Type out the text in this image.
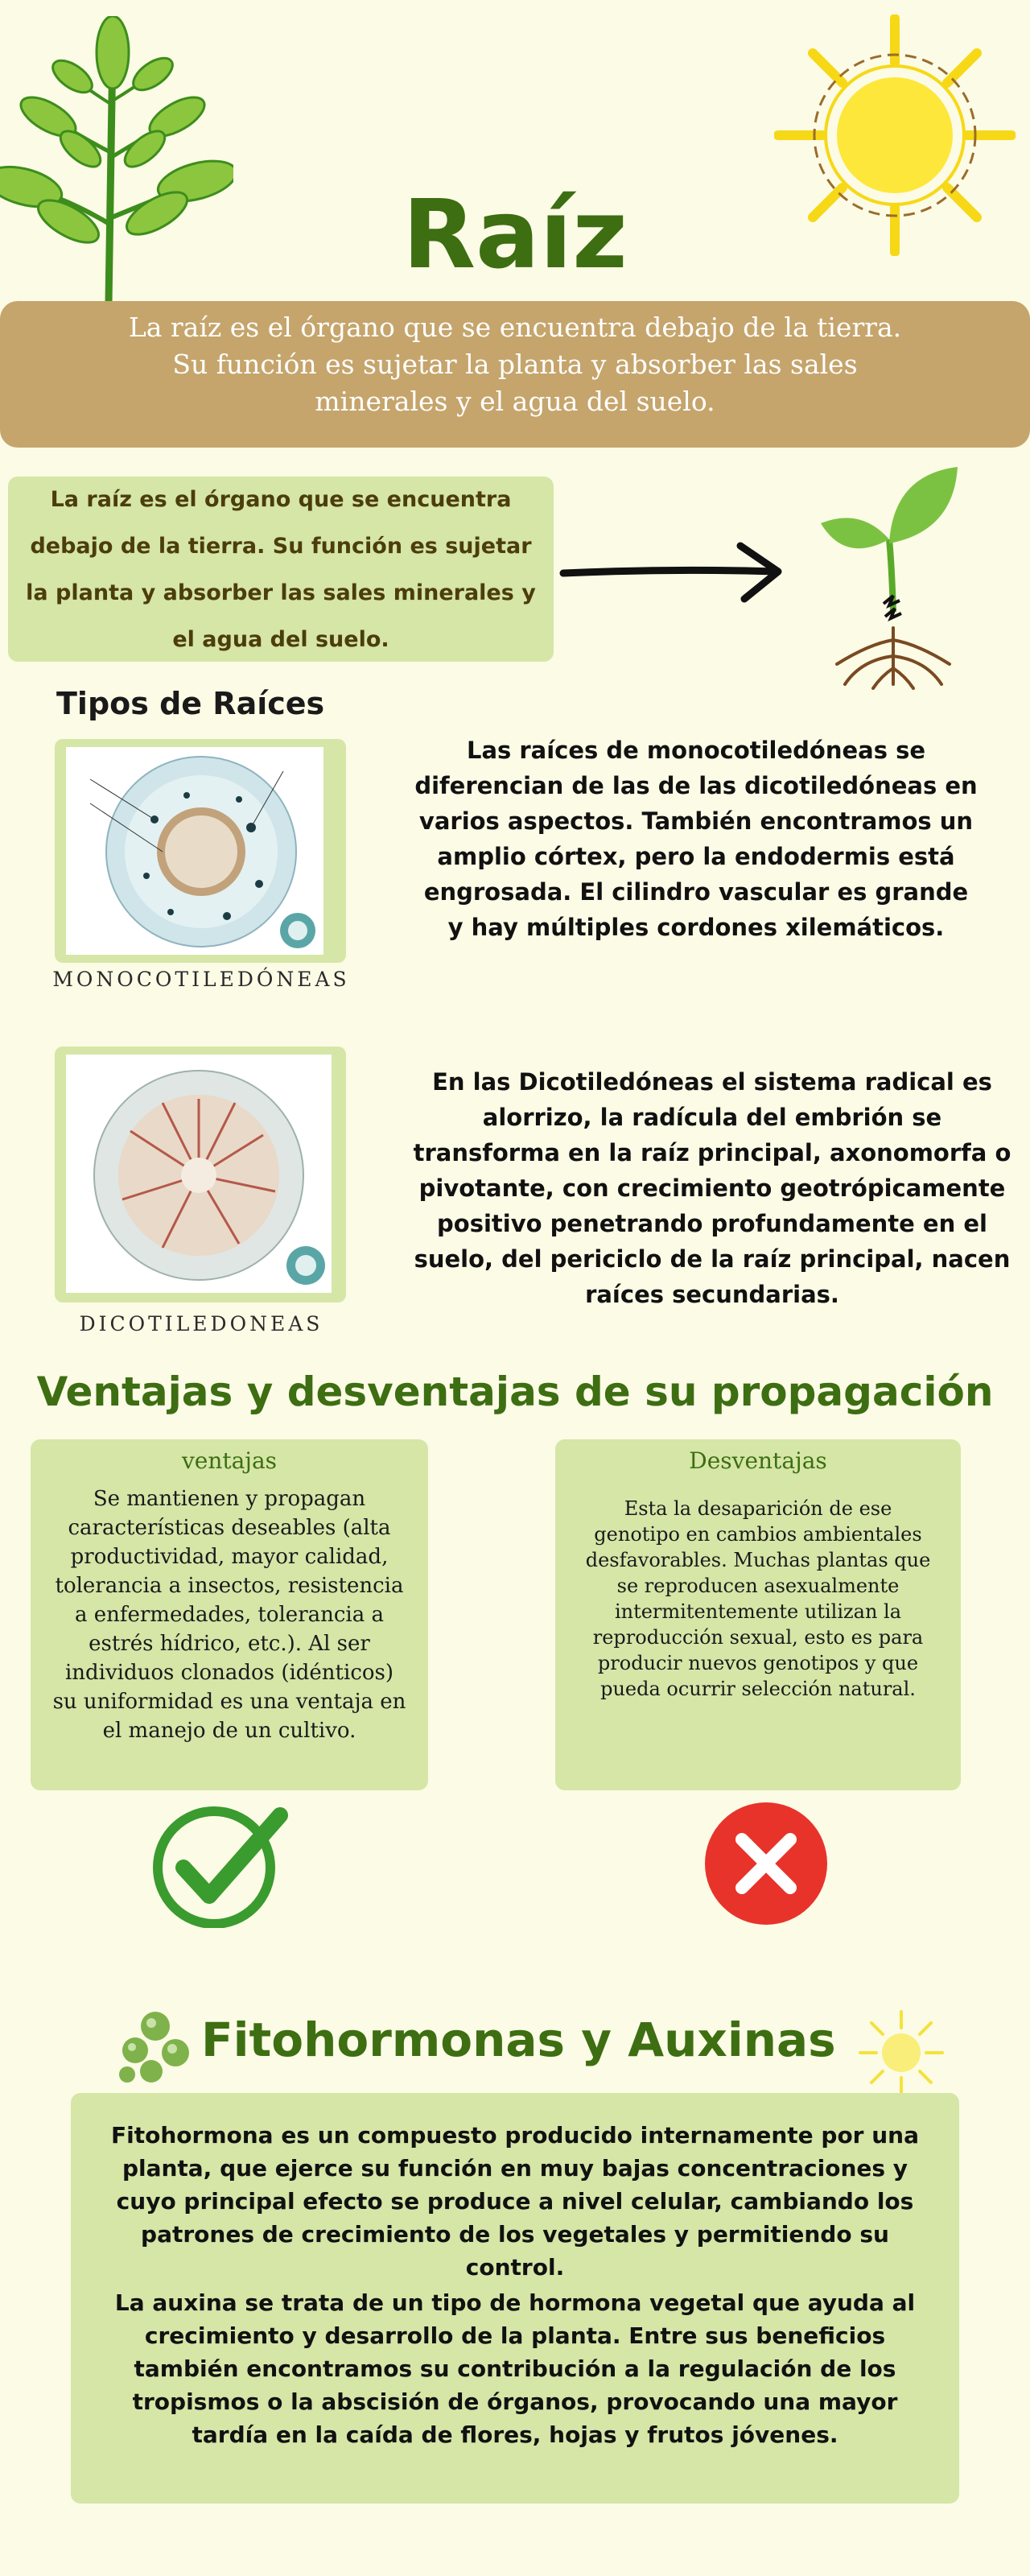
Raíz

La raíz es el órgano que se encuentra debajo de la tierra. Su función es sujetar la planta y absorber las sales minerales y el agua del suelo.

La raíz es el órgano que se encuentra debajo de la tierra. Su función es sujetar la planta y absorber las sales minerales y el agua del suelo.

Tipos de Raíces
MONOCOTILEDÓNEAS

Las raíces de monocotiledóneas se diferencian de las de las dicotiledóneas en varios aspectos. También encontramos un amplio córtex, pero la endodermis está engrosada. El cilindro vascular es grande y hay múltiples cordones xilemáticos.

DICOTILEDONEAS

En las Dicotiledóneas el sistema radical es alorrizo, la radícula del embrión se transforma en la raíz principal, axonomorfa o pivotante, con crecimiento geotrópicamente positivo penetrando profundamente en el suelo, del periciclo de la raíz principal, nacen raíces secundarias.

Ventajas y desventajas de su propagación
ventajas

Se mantienen y propagan características deseables (alta productividad, mayor calidad, tolerancia a insectos, resistencia a enfermedades, tolerancia a estrés hídrico, etc.). Al ser individuos clonados (idénticos) su uniformidad es una ventaja en el manejo de un cultivo.

Desventajas

Esta la desaparición de ese genotipo en cambios ambientales desfavorables. Muchas plantas que se reproducen asexualmente intermitentemente utilizan la reproducción sexual, esto es para producir nuevos genotipos y que pueda ocurrir selección natural.

Fitohormonas y Auxinas

Fitohormona es un compuesto producido internamente por una planta, que ejerce su función en muy bajas concentraciones y cuyo principal efecto se produce a nivel celular, cambiando los patrones de crecimiento de los vegetales y permitiendo su control.

La auxina se trata de un tipo de hormona vegetal que ayuda al crecimiento y desarrollo de la planta. Entre sus beneficios también encontramos su contribución a la regulación de los tropismos o la abscisión de órganos, provocando una mayor tardía en la caída de flores, hojas y frutos jóvenes.
